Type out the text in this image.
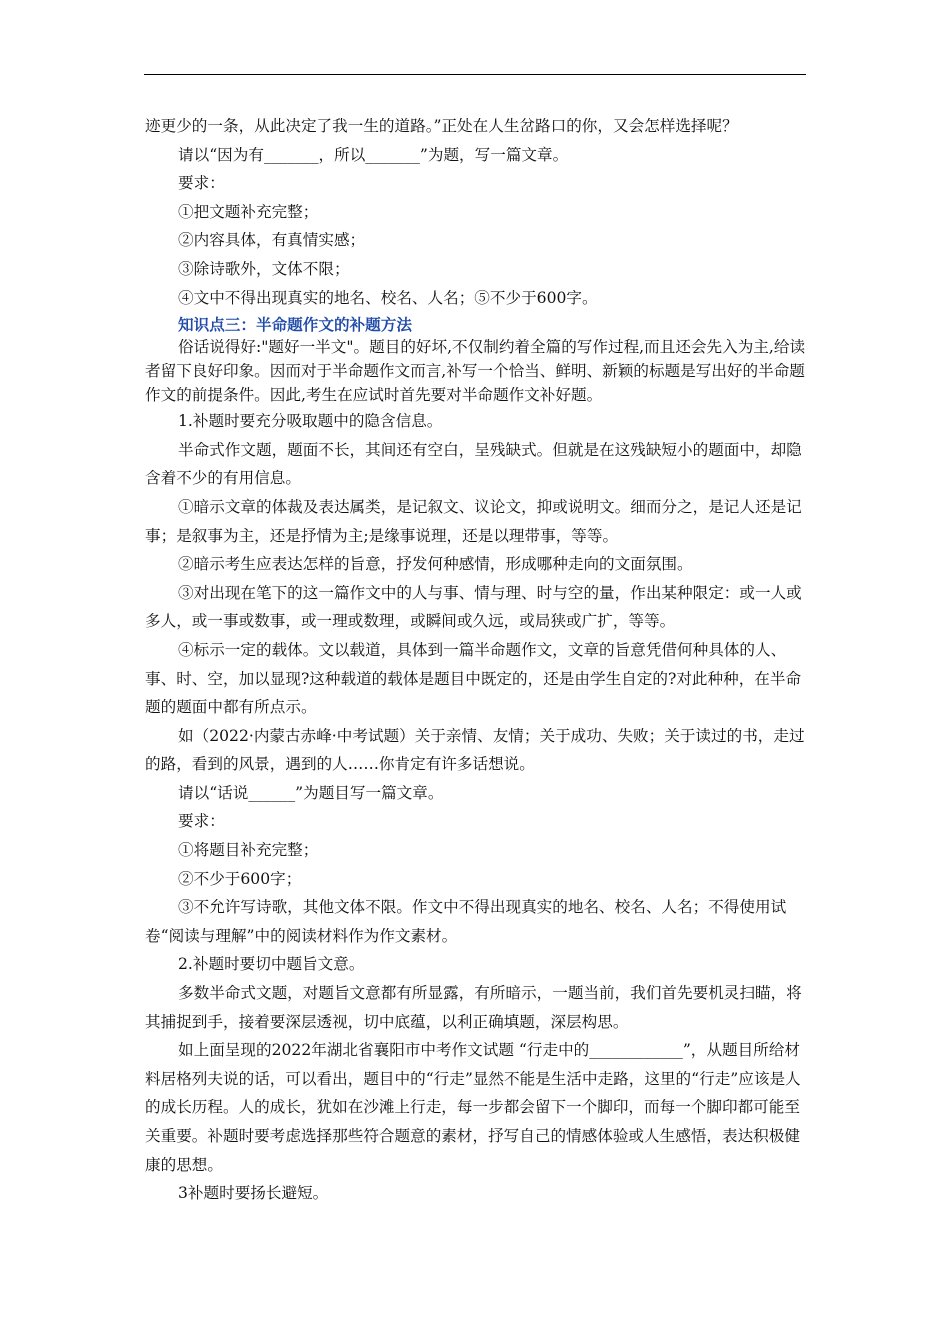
迹更少的一条，从此决定了我一生的道路。”正处在人生岔路口的你，又会怎样选择呢？

请以“因为有_______，所以_______”为题，写一篇文章。

要求：

①把文题补充完整；

②内容具体，有真情实感；

③除诗歌外，文体不限；

④文中不得出现真实的地名、校名、人名；⑤不少于600字。

知识点三：半命题作文的补题方法

俗话说得好:"题好一半文"。题目的好坏,不仅制约着全篇的写作过程,而且还会先入为主,给读者留下良好印象。因而对于半命题作文而言,补写一个恰当、鲜明、新颖的标题是写出好的半命题作文的前提条件。因此,考生在应试时首先要对半命题作文补好题。

1.补题时要充分吸取题中的隐含信息。

半命式作文题，题面不长，其间还有空白，呈残缺式。但就是在这残缺短小的题面中，却隐含着不少的有用信息。

①暗示文章的体裁及表达属类，是记叙文、议论文，抑或说明文。细而分之，是记人还是记事；是叙事为主，还是抒情为主;是缘事说理，还是以理带事，等等。

②暗示考生应表达怎样的旨意，抒发何种感情，形成哪种走向的文面氛围。

③对出现在笔下的这一篇作文中的人与事、情与理、时与空的量，作出某种限定：或一人或多人，或一事或数事，或一理或数理，或瞬间或久远，或局狭或广扩，等等。

④标示一定的载体。文以载道，具体到一篇半命题作文，文章的旨意凭借何种具体的人、事、时、空，加以显现?这种载道的载体是题目中既定的，还是由学生自定的?对此种种，在半命题的题面中都有所点示。

如（2022·内蒙古赤峰·中考试题）关于亲情、友情；关于成功、失败；关于读过的书，走过的路，看到的风景，遇到的人……你肯定有许多话想说。

请以“话说______”为题目写一篇文章。

要求：

①将题目补充完整；

②不少于600字；

③不允许写诗歌，其他文体不限。作文中不得出现真实的地名、校名、人名；不得使用试卷“阅读与理解”中的阅读材料作为作文素材。

2.补题时要切中题旨文意。

多数半命式文题，对题旨文意都有所显露，有所暗示，一题当前，我们首先要机灵扫瞄，将其捕捉到手，接着要深层透视，切中底蕴，以利正确填题，深层构思。

如上面呈现的2022年湖北省襄阳市中考作文试题 “行走中的____________”，从题目所给材料居格列夫说的话，可以看出，题目中的“行走”显然不能是生活中走路，这里的“行走”应该是人的成长历程。人的成长，犹如在沙滩上行走，每一步都会留下一个脚印，而每一个脚印都可能至关重要。补题时要考虑选择那些符合题意的素材，抒写自己的情感体验或人生感悟，表达积极健康的思想。

3补题时要扬长避短。
